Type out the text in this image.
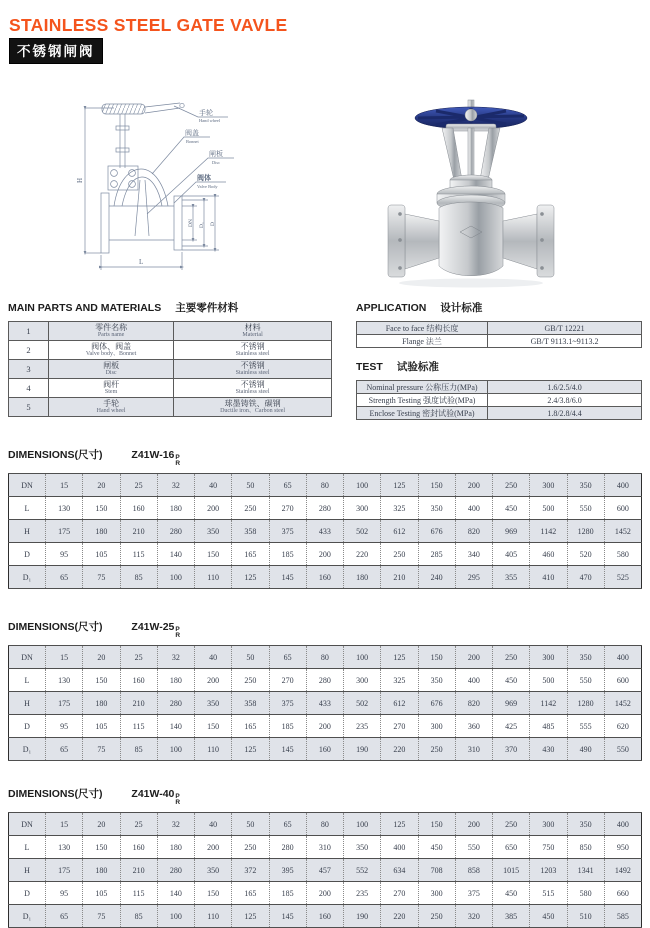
STAINLESS STEEL GATE VAVLE
不锈钢闸阀
手轮
Hand wheel
阀盖
Bonnet
闸板
Disc
阀体
Valve Body
H
L
DN D₁ D
MAIN PARTS AND MATERIALS 主要零件材料
1	零件名称
Parts name

材料
Material

2	阀体、阀盖
Valve body、Bonnet

不锈钢
Stainless steel

3	闸板
Disc

不锈钢
Stainless steel

4	阀杆
Stem

不锈钢
Stainless steel

5	手轮
Hand wheel

球墨铸铁、碳钢
Ductile iron、Carbon steel
APPLICATION 设计标准
Face to face 结构长度	GB/T 12221
Flange 法兰	GB/T 9113.1~9113.2
TEST 试验标准
Nominal pressure 公称压力(MPa)	1.6/2.5/4.0
Strength Testing 强度试验(MPa)	2.4/3.8/6.0
Enclose Testing 密封试验(MPa)	1.8/2.8/4.4
DIMENSIONS(尺寸)	Z41W-16 P
R
DN	15	20	25	32	40	50	65	80	100	125	150	200	250	300	350	400
L	130	150	160	180	200	250	270	280	300	325	350	400	450	500	550	600
H	175	180	210	280	350	358	375	433	502	612	676	820	969	1142	1280	1452
D	95	105	115	140	150	165	185	200	220	250	285	340	405	460	520	580
D₁	65	75	85	100	110	125	145	160	180	210	240	295	355	410	470	525
DIMENSIONS(尺寸)	Z41W-25 P
R
DN	15	20	25	32	40	50	65	80	100	125	150	200	250	300	350	400
L	130	150	160	180	200	250	270	280	300	325	350	400	450	500	550	600
H	175	180	210	280	350	358	375	433	502	612	676	820	969	1142	1280	1452
D	95	105	115	140	150	165	185	200	235	270	300	360	425	485	555	620
D₁	65	75	85	100	110	125	145	160	190	220	250	310	370	430	490	550
DIMENSIONS(尺寸)	Z41W-40 P
R
DN	15	20	25	32	40	50	65	80	100	125	150	200	250	300	350	400
L	130	150	160	180	200	250	280	310	350	400	450	550	650	750	850	950
H	175	180	210	280	350	372	395	457	552	634	708	858	1015	1203	1341	1492
D	95	105	115	140	150	165	185	200	235	270	300	375	450	515	580	660
D₁	65	75	85	100	110	125	145	160	190	220	250	320	385	450	510	585
